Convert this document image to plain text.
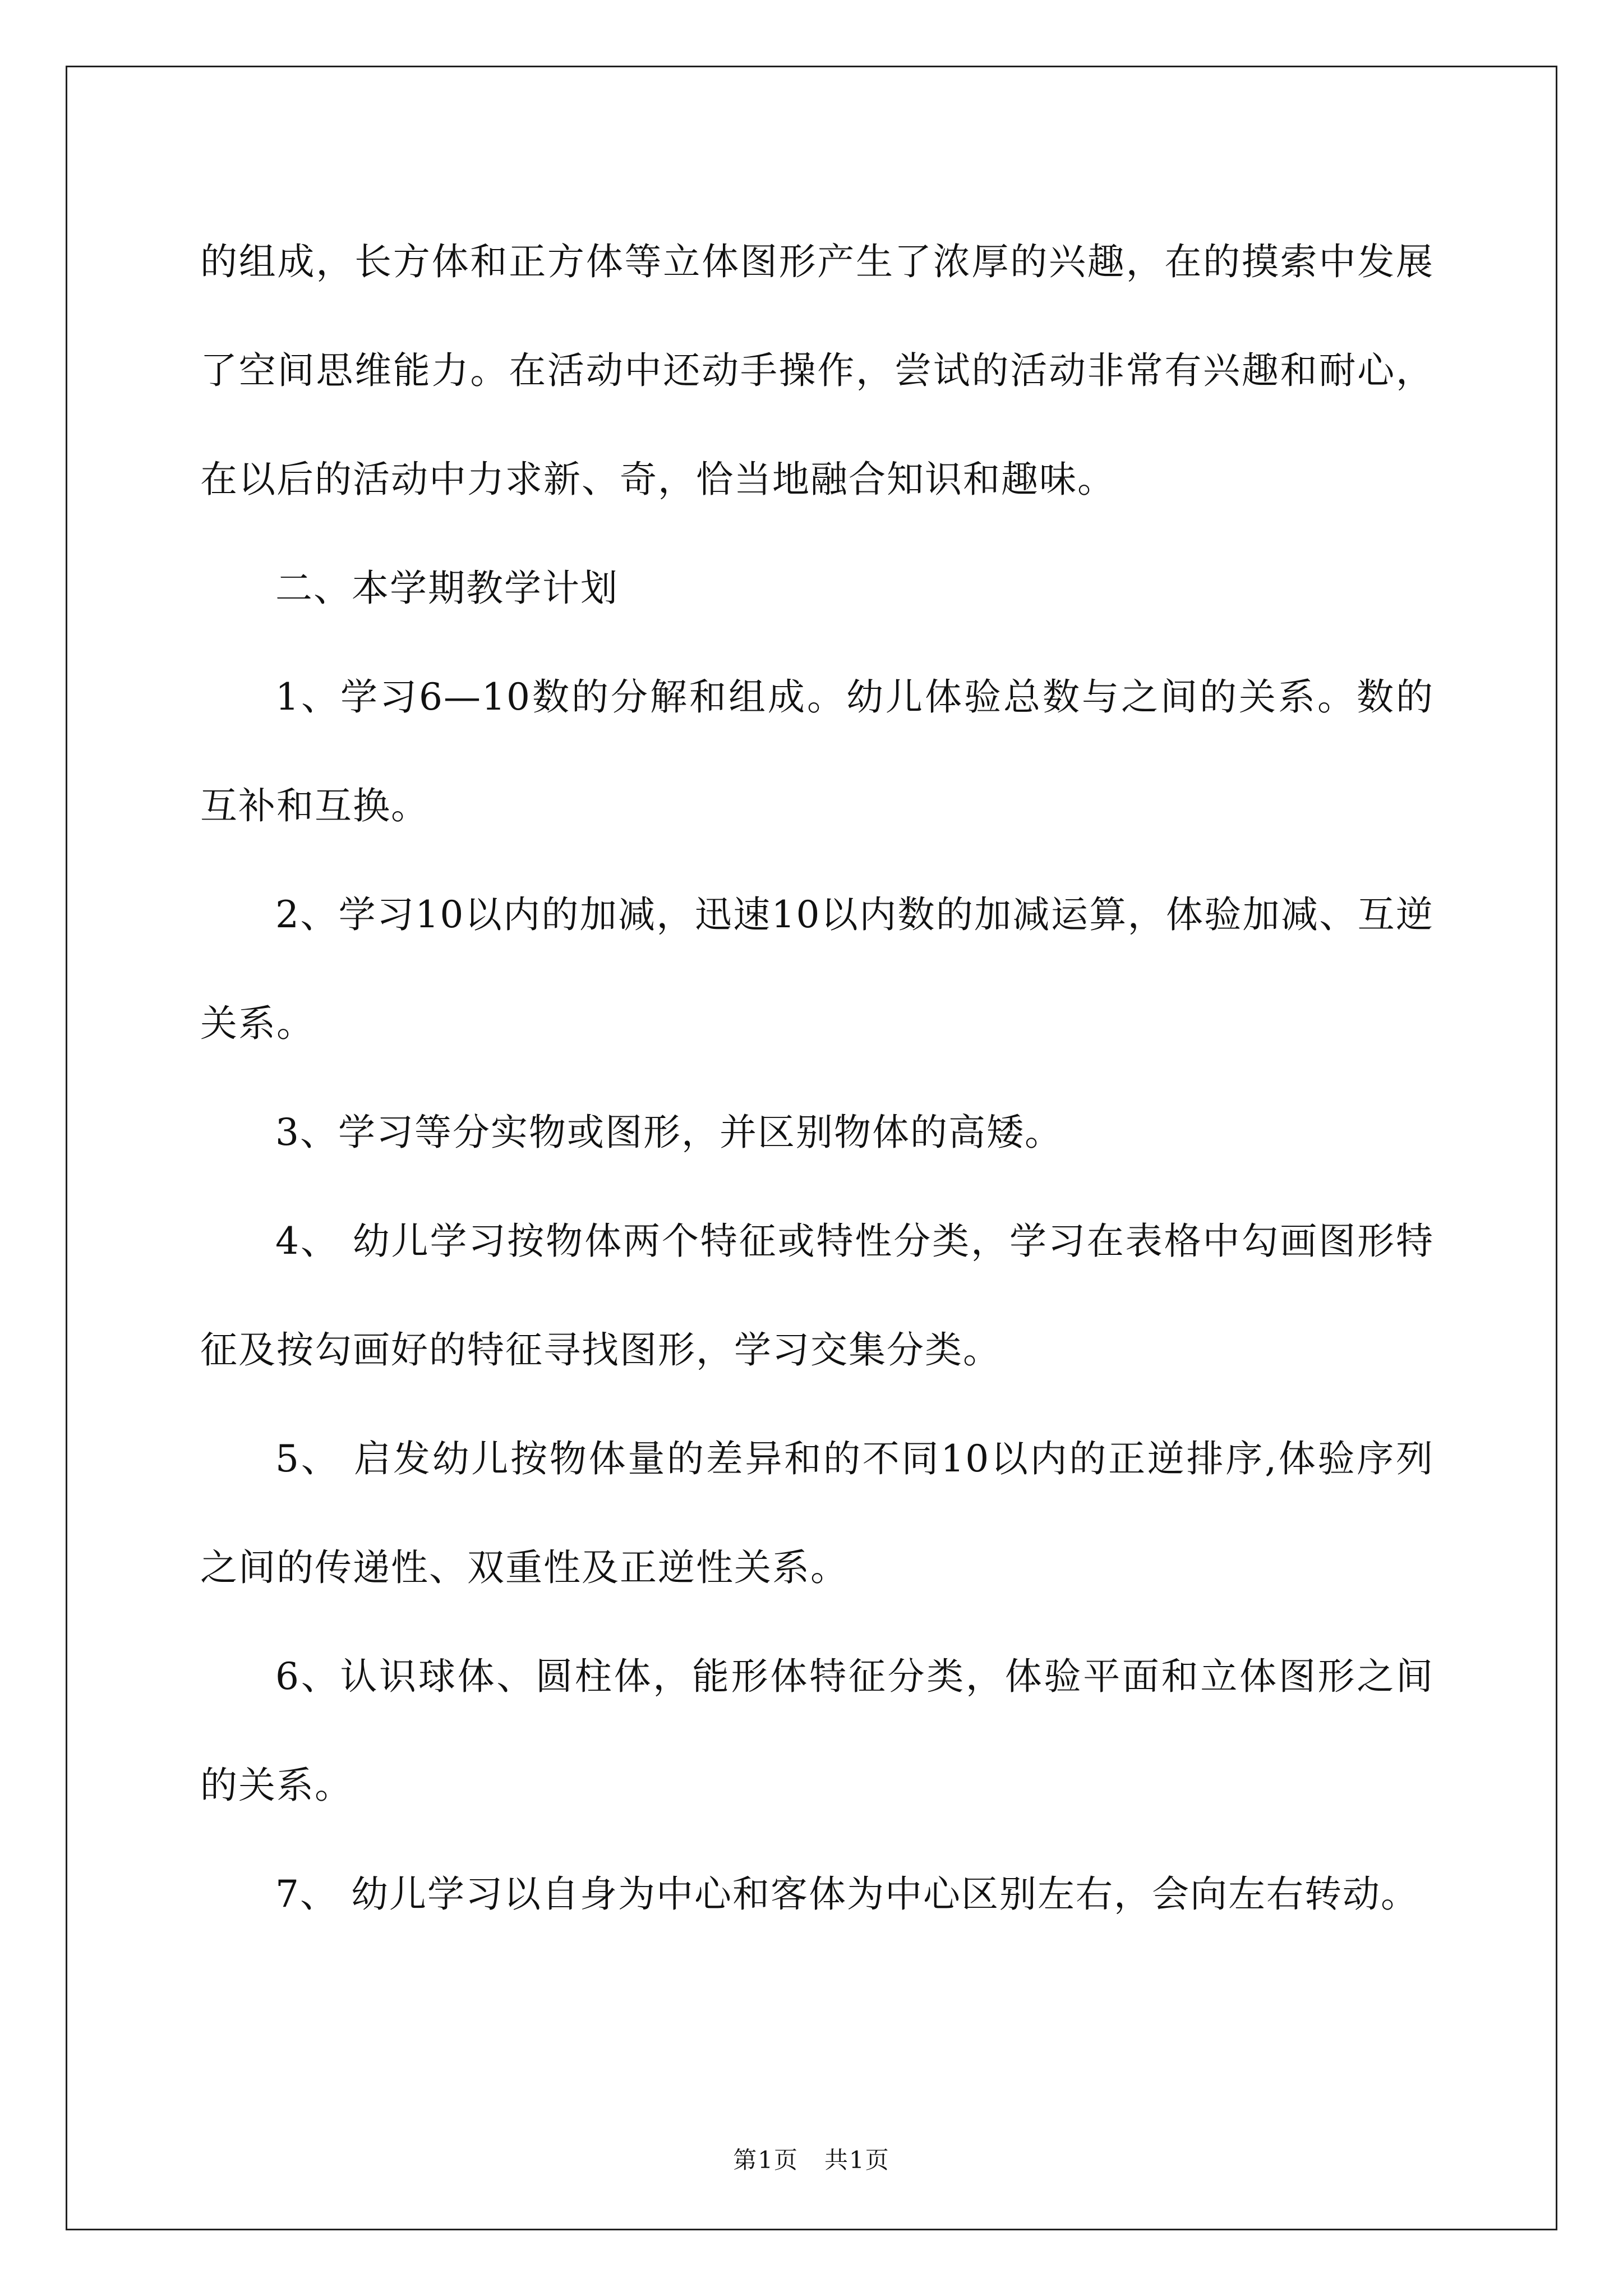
的组成，长方体和正方体等立体图形产生了浓厚的兴趣，在的摸索中发展了空间思维能力。在活动中还动手操作，尝试的活动非常有兴趣和耐心，在以后的活动中力求新、奇，恰当地融合知识和趣味。

二、本学期教学计划

1、学习6—10数的分解和组成。幼儿体验总数与之间的关系。数的互补和互换。

2、学习10以内的加减，迅速10以内数的加减运算，体验加减、互逆关系。

3、学习等分实物或图形，并区别物体的高矮。

4、 幼儿学习按物体两个特征或特性分类，学习在表格中勾画图形特征及按勾画好的特征寻找图形，学习交集分类。

5、 启发幼儿按物体量的差异和的不同10以内的正逆排序,体验序列之间的传递性、双重性及正逆性关系。

6、认识球体、圆柱体，能形体特征分类，体验平面和立体图形之间的关系。

7、 幼儿学习以自身为中心和客体为中心区别左右，会向左右转动。

第1页 共1页
